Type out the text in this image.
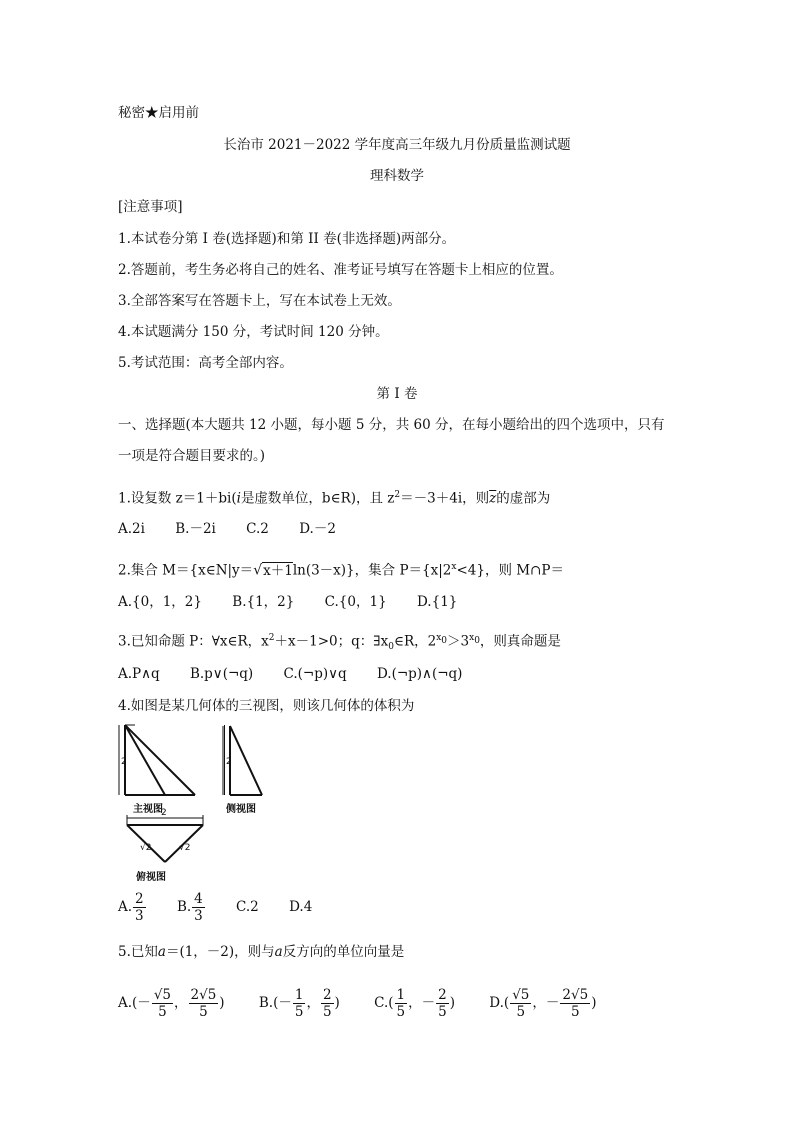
秘密★启用前
长治市 2021－2022 学年度高三年级九月份质量监测试题
理科数学
[注意事项]
1.本试卷分第 I 卷(选择题)和第 II 卷(非选择题)两部分。
2.答题前，考生务必将自己的姓名、准考证号填写在答题卡上相应的位置。
3.全部答案写在答题卡上，写在本试卷上无效。
4.本试题满分 150 分，考试时间 120 分钟。
5.考试范围：高考全部内容。
第 I 卷
一、选择题(本大题共 12 小题，每小题 5 分，共 60 分，在每小题给出的四个选项中，只有
一项是符合题目要求的。)
1.设复数 z＝1＋bi(i是虚数单位，b∈R)，且 $z^2=-3+4i$，则$\overline{z}$的虚部为
A.2i B.－2i C.2 D.－2
2.集合 M＝{x∈N|y＝√x＋1ln(3－x)}，集合 $P=\{x|2^x<4\}$，则 M∩P＝
A.{0，1，2} B.{1，2} C.{0，1} D.{1}
3.已知命题 P：∀x∈R，$x^2+x-1>0$；q：$\exists x_0\in R$，$2^{x_0}>3^{x_0}$，则真命题是
A.P∧q B.p∨(¬q) C.(¬p)∨q D.(¬p)∧(¬q)
4.如图是某几何体的三视图，则该几何体的体积为
2	2
主视图	侧视图
2
√2	√2
俯视图
A. $\frac{2}{3} B$. $\frac{4}{3} C.2$ D.4
5.已知a＝(1，－2)，则与a反方向的单位向量是
$A.(- \frac{√5}{5}$ ， $\frac{2√5}{5}$ )	$B.(- \frac{1}{5}$ ， $\frac{2}{5}$ )	$C.( \frac{1}{5}$ ，－ $\frac{2}{5}$ )	$D.( \frac{√5}{5}$ ，－ $\frac{2√5}{5}$ )
